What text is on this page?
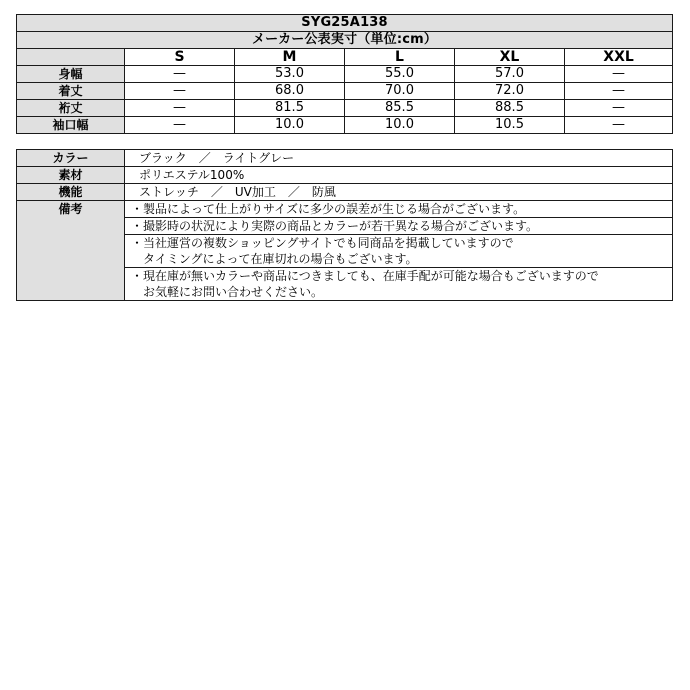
SYG25A138					
メーカー公表実寸（単位:cm）					
	S	M	L	XL	XXL
身幅	—	53.0	55.0	57.0	—
着丈	—	68.0	70.0	72.0	—
裄丈	—	81.5	85.5	88.5	—
袖口幅	—	10.0	10.0	10.5	—
カラー	ブラック　／　ライトグレー
素材	ポリエステル100%
機能	ストレッチ　／　UV加工　／　防風
備考	・製品によって仕上がりサイズに多少の誤差が生じる場合がございます。

	・撮影時の状況により実際の商品とカラーが若干異なる場合がございます。

	・当社運営の複数ショッピングサイトでも同商品を掲載していますので
　タイミングによって在庫切れの場合もございます。

	・現在庫が無いカラーや商品につきましても、在庫手配が可能な場合もございますので
　お気軽にお問い合わせください。
